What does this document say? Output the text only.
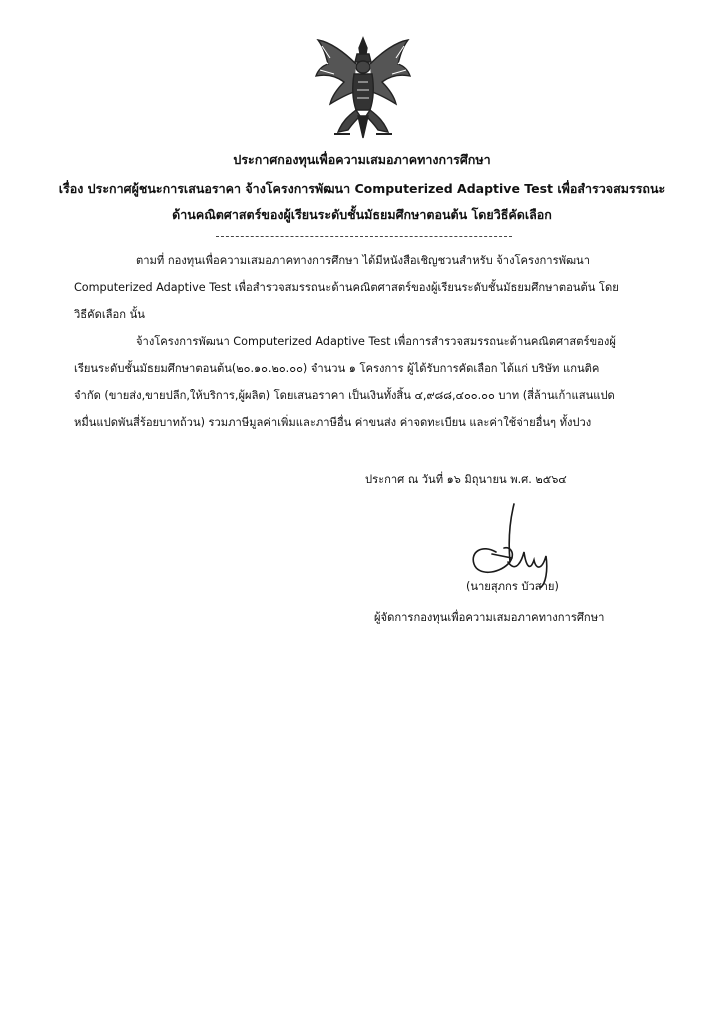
ประกาศกองทุนเพื่อความเสมอภาคทางการศึกษา
เรื่อง ประกาศผู้ชนะการเสนอราคา จ้างโครงการพัฒนา Computerized Adaptive Test เพื่อสำรวจสมรรถนะ
ด้านคณิตศาสตร์ของผู้เรียนระดับชั้นมัธยมศึกษาตอนต้น โดยวิธีคัดเลือก
ตามที่ กองทุนเพื่อความเสมอภาคทางการศึกษา ได้มีหนังสือเชิญชวนสำหรับ จ้างโครงการพัฒนา
Computerized Adaptive Test เพื่อสำรวจสมรรถนะด้านคณิตศาสตร์ของผู้เรียนระดับชั้นมัธยมศึกษาตอนต้น โดย
วิธีคัดเลือก นั้น
จ้างโครงการพัฒนา Computerized Adaptive Test เพื่อการสำรวจสมรรถนะด้านคณิตศาสตร์ของผู้
เรียนระดับชั้นมัธยมศึกษาตอนต้น(๒๐.๑๐.๒๐.๐๐) จำนวน ๑ โครงการ ผู้ได้รับการคัดเลือก ได้แก่ บริษัท แกนติค
จำกัด (ขายส่ง,ขายปลีก,ให้บริการ,ผู้ผลิต) โดยเสนอราคา เป็นเงินทั้งสิ้น ๔,๙๘๘,๔๐๐.๐๐ บาท (สี่ล้านเก้าแสนแปด
หมื่นแปดพันสี่ร้อยบาทถ้วน) รวมภาษีมูลค่าเพิ่มและภาษีอื่น ค่าขนส่ง ค่าจดทะเบียน และค่าใช้จ่ายอื่นๆ ทั้งปวง
ประกาศ ณ วันที่ ๑๖ มิถุนายน พ.ศ. ๒๕๖๔
(นายสุภกร บัวสาย)
ผู้จัดการกองทุนเพื่อความเสมอภาคทางการศึกษา
